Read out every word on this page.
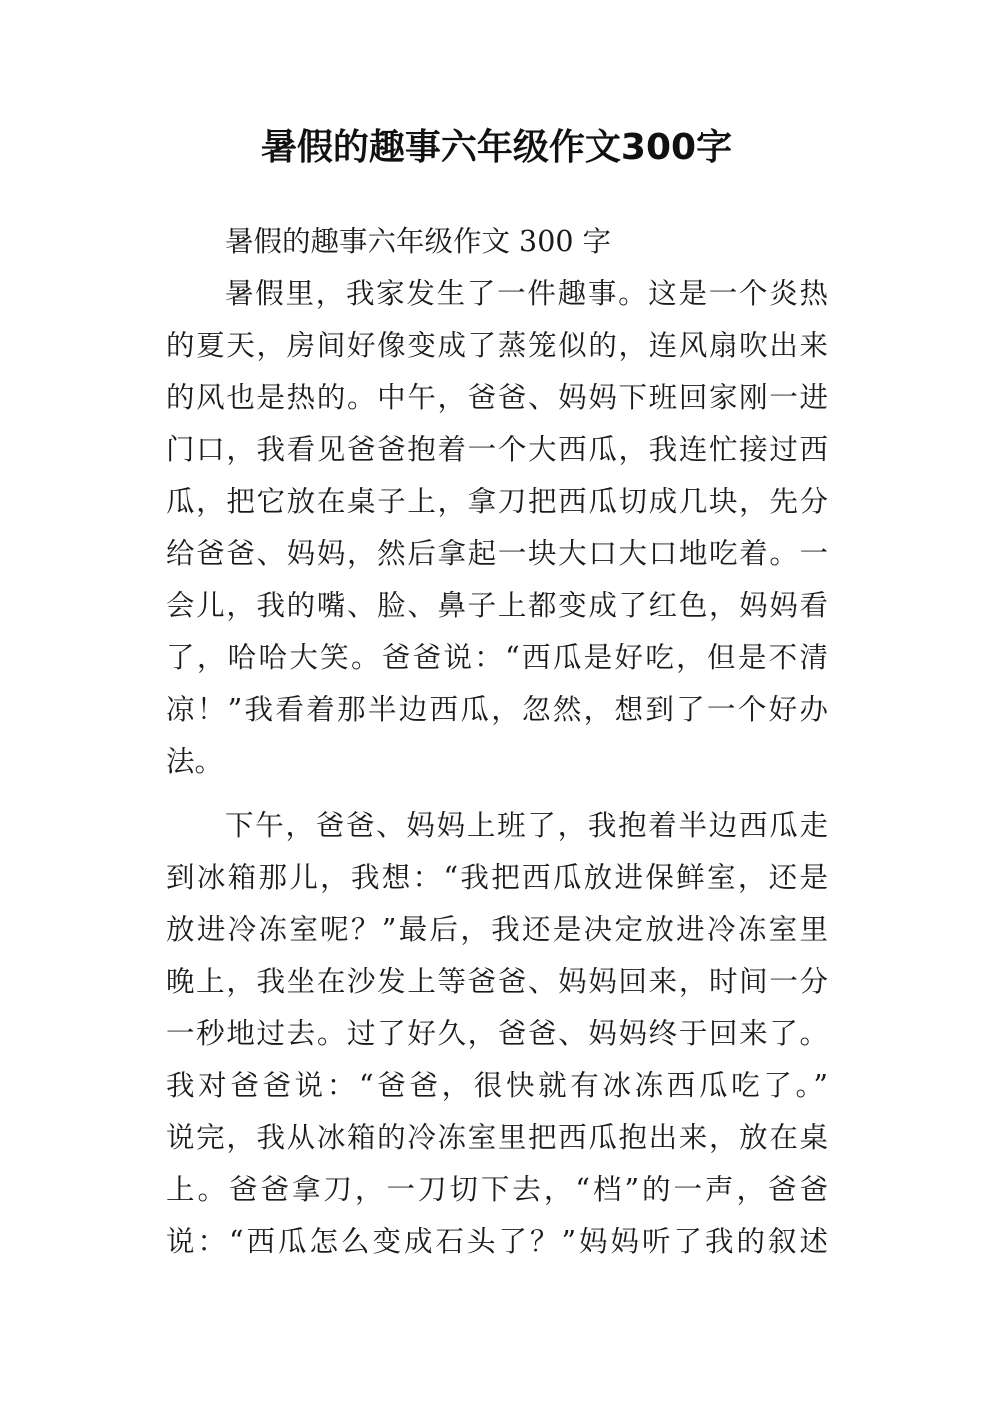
暑假的趣事六年级作文300字
暑假的趣事六年级作文 300 字
暑假里，我家发生了一件趣事。这是一个炎热
的夏天，房间好像变成了蒸笼似的，连风扇吹出来
的风也是热的。中午，爸爸、妈妈下班回家刚一进
门口，我看见爸爸抱着一个大西瓜，我连忙接过西
瓜，把它放在桌子上，拿刀把西瓜切成几块，先分
给爸爸、妈妈，然后拿起一块大口大口地吃着。一
会儿，我的嘴、脸、鼻子上都变成了红色，妈妈看
了，哈哈大笑。爸爸说：“西瓜是好吃，但是不清
凉！”我看着那半边西瓜，忽然，想到了一个好办
法。
下午，爸爸、妈妈上班了，我抱着半边西瓜走
到冰箱那儿，我想：“我把西瓜放进保鲜室，还是
放进冷冻室呢？”最后，我还是决定放进冷冻室里
晚上，我坐在沙发上等爸爸、妈妈回来，时间一分
一秒地过去。过了好久，爸爸、妈妈终于回来了。
我对爸爸说：“爸爸，很快就有冰冻西瓜吃了。”
说完，我从冰箱的冷冻室里把西瓜抱出来，放在桌
上。爸爸拿刀，一刀切下去，“档”的一声，爸爸
说：“西瓜怎么变成石头了？”妈妈听了我的叙述
